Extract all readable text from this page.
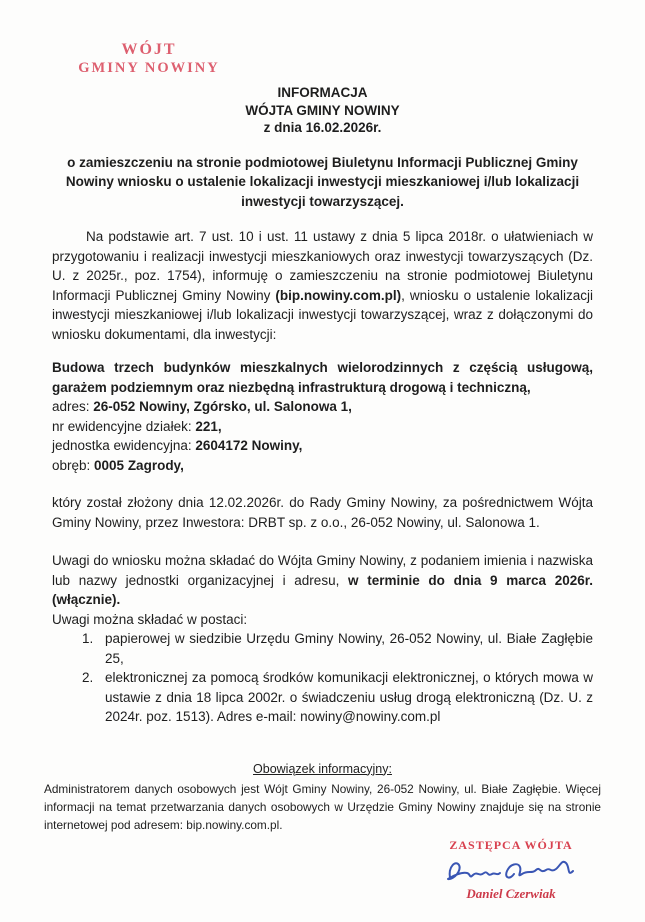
WÓJT
GMINY NOWINY
INFORMACJA
WÓJTA GMINY NOWINY
z dnia 16.02.2026r.

o zamieszczeniu na stronie podmiotowej Biuletynu Informacji Publicznej Gminy Nowiny wniosku o ustalenie lokalizacji inwestycji mieszkaniowej i/lub lokalizacji inwestycji towarzyszącej.

Na podstawie art. 7 ust. 10 i ust. 11 ustawy z dnia 5 lipca 2018r. o ułatwieniach w przygotowaniu i realizacji inwestycji mieszkaniowych oraz inwestycji towarzyszących (Dz. U. z 2025r., poz. 1754), informuję o zamieszczeniu na stronie podmiotowej Biuletynu Informacji Publicznej Gminy Nowiny (bip.nowiny.com.pl), wniosku o ustalenie lokalizacji inwestycji mieszkaniowej i/lub lokalizacji inwestycji towarzyszącej, wraz z dołączonymi do wniosku dokumentami, dla inwestycji:

Budowa trzech budynków mieszkalnych wielorodzinnych z częścią usługową, garażem podziemnym oraz niezbędną infrastrukturą drogową i techniczną,

adres: 26-052 Nowiny, Zgórsko, ul. Salonowa 1,
nr ewidencyjne działek: 221,
jednostka ewidencyjna: 2604172 Nowiny,
obręb: 0005 Zagrody,

który został złożony dnia 12.02.2026r. do Rady Gminy Nowiny, za pośrednictwem Wójta Gminy Nowiny, przez Inwestora: DRBT sp. z o.o., 26-052 Nowiny, ul. Salonowa 1.

Uwagi do wniosku można składać do Wójta Gminy Nowiny, z podaniem imienia i nazwiska lub nazwy jednostki organizacyjnej i adresu, w terminie do dnia 9 marca 2026r. (włącznie).

Uwagi można składać w postaci:

1. papierowej w siedzibie Urzędu Gminy Nowiny, 26-052 Nowiny, ul. Białe Zagłębie 25,
2. elektronicznej za pomocą środków komunikacji elektronicznej, o których mowa w ustawie z dnia 18 lipca 2002r. o świadczeniu usług drogą elektroniczną (Dz. U. z 2024r. poz. 1513). Adres e-mail: nowiny@nowiny.com.pl

Obowiązek informacyjny:

Administratorem danych osobowych jest Wójt Gminy Nowiny, 26-052 Nowiny, ul. Białe Zagłębie. Więcej informacji na temat przetwarzania danych osobowych w Urzędzie Gminy Nowiny znajduje się na stronie internetowej pod adresem: bip.nowiny.com.pl.

ZASTĘPCA WÓJTA
Daniel Czerwiak
